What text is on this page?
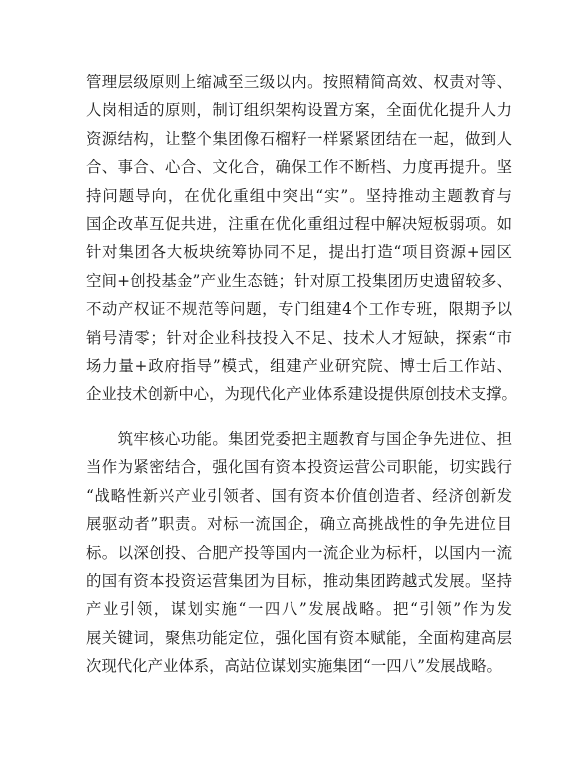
管理层级原则上缩减至三级以内。按照精简高效、权责对等、
人岗相适的原则，制订组织架构设置方案，全面优化提升人力
资源结构，让整个集团像石榴籽一样紧紧团结在一起，做到人
合、事合、心合、文化合，确保工作不断档、力度再提升。坚
持问题导向，在优化重组中突出“实”。坚持推动主题教育与
国企改革互促共进，注重在优化重组过程中解决短板弱项。如
针对集团各大板块统筹协同不足，提出打造“项目资源+园区
空间+创投基金”产业生态链；针对原工投集团历史遗留较多、
不动产权证不规范等问题，专门组建4个工作专班，限期予以
销号清零；针对企业科技投入不足、技术人才短缺，探索“市
场力量+政府指导”模式，组建产业研究院、博士后工作站、
企业技术创新中心，为现代化产业体系建设提供原创技术支撑。
　　筑牢核心功能。集团党委把主题教育与国企争先进位、担
当作为紧密结合，强化国有资本投资运营公司职能，切实践行
“战略性新兴产业引领者、国有资本价值创造者、经济创新发
展驱动者”职责。对标一流国企，确立高挑战性的争先进位目
标。以深创投、合肥产投等国内一流企业为标杆，以国内一流
的国有资本投资运营集团为目标，推动集团跨越式发展。坚持
产业引领，谋划实施“一四八”发展战略。把“引领”作为发
展关键词，聚焦功能定位，强化国有资本赋能，全面构建高层
次现代化产业体系，高站位谋划实施集团“一四八”发展战略。
